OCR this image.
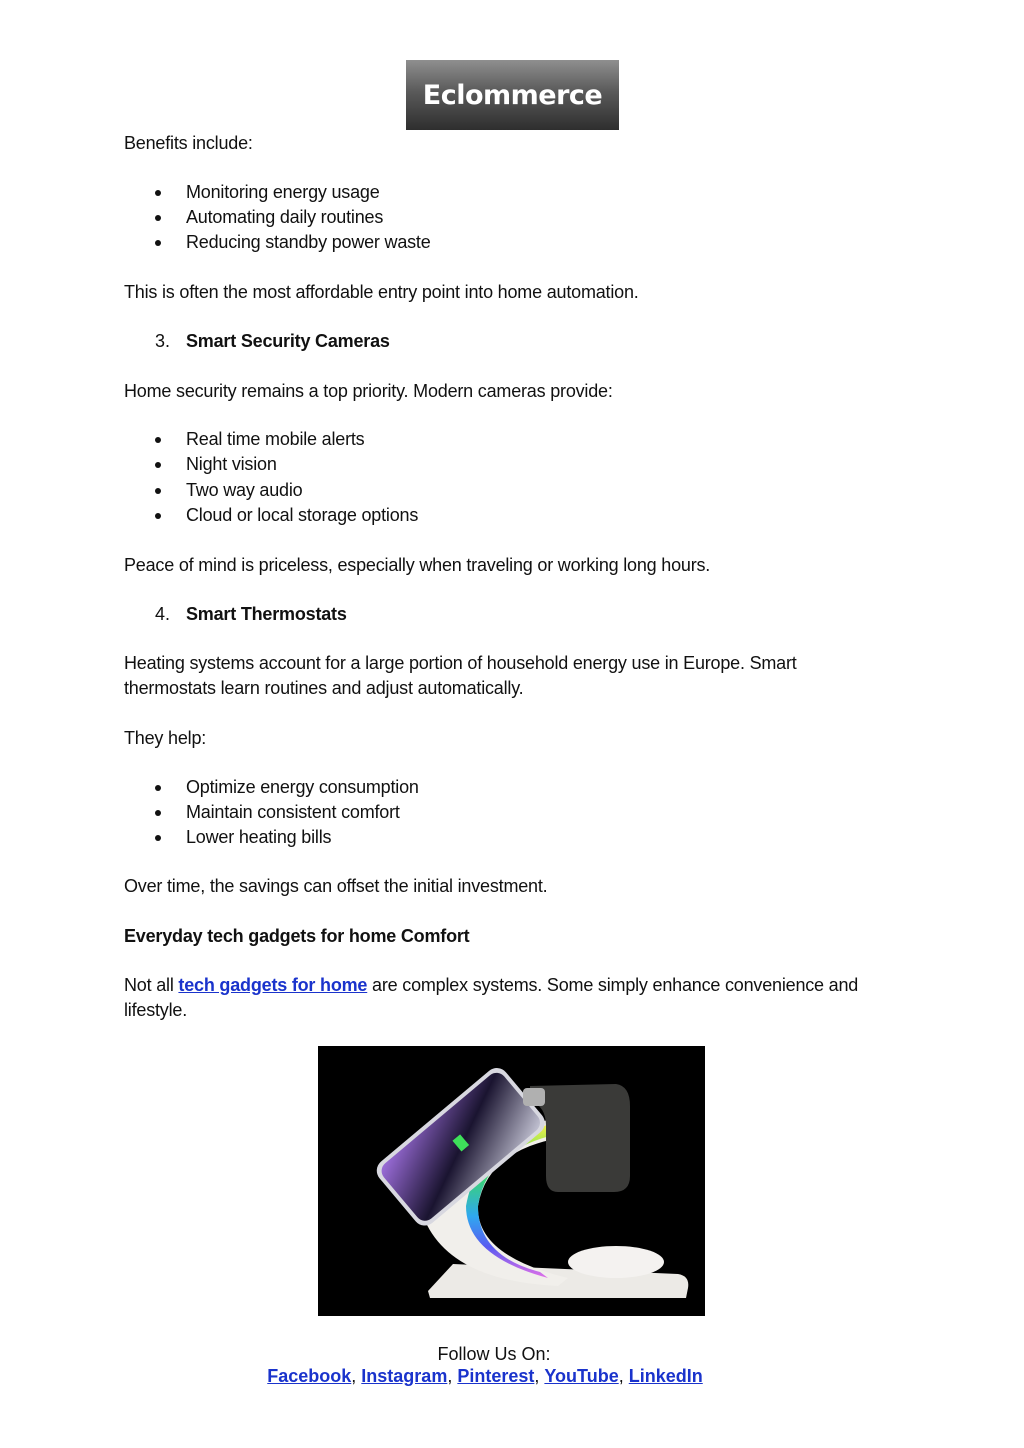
Eclommerce
Benefits include:
Monitoring energy usage
Automating daily routines
Reducing standby power waste
This is often the most affordable entry point into home automation.
3. Smart Security Cameras
Home security remains a top priority. Modern cameras provide:
Real time mobile alerts
Night vision
Two way audio
Cloud or local storage options
Peace of mind is priceless, especially when traveling or working long hours.
4. Smart Thermostats
Heating systems account for a large portion of household energy use in Europe. Smart
thermostats learn routines and adjust automatically.
They help:
Optimize energy consumption
Maintain consistent comfort
Lower heating bills
Over time, the savings can offset the initial investment.
Everyday tech gadgets for home Comfort
Not all tech gadgets for home are complex systems. Some simply enhance convenience and
lifestyle.
Follow Us On:
Facebook, Instagram, Pinterest, YouTube, LinkedIn
